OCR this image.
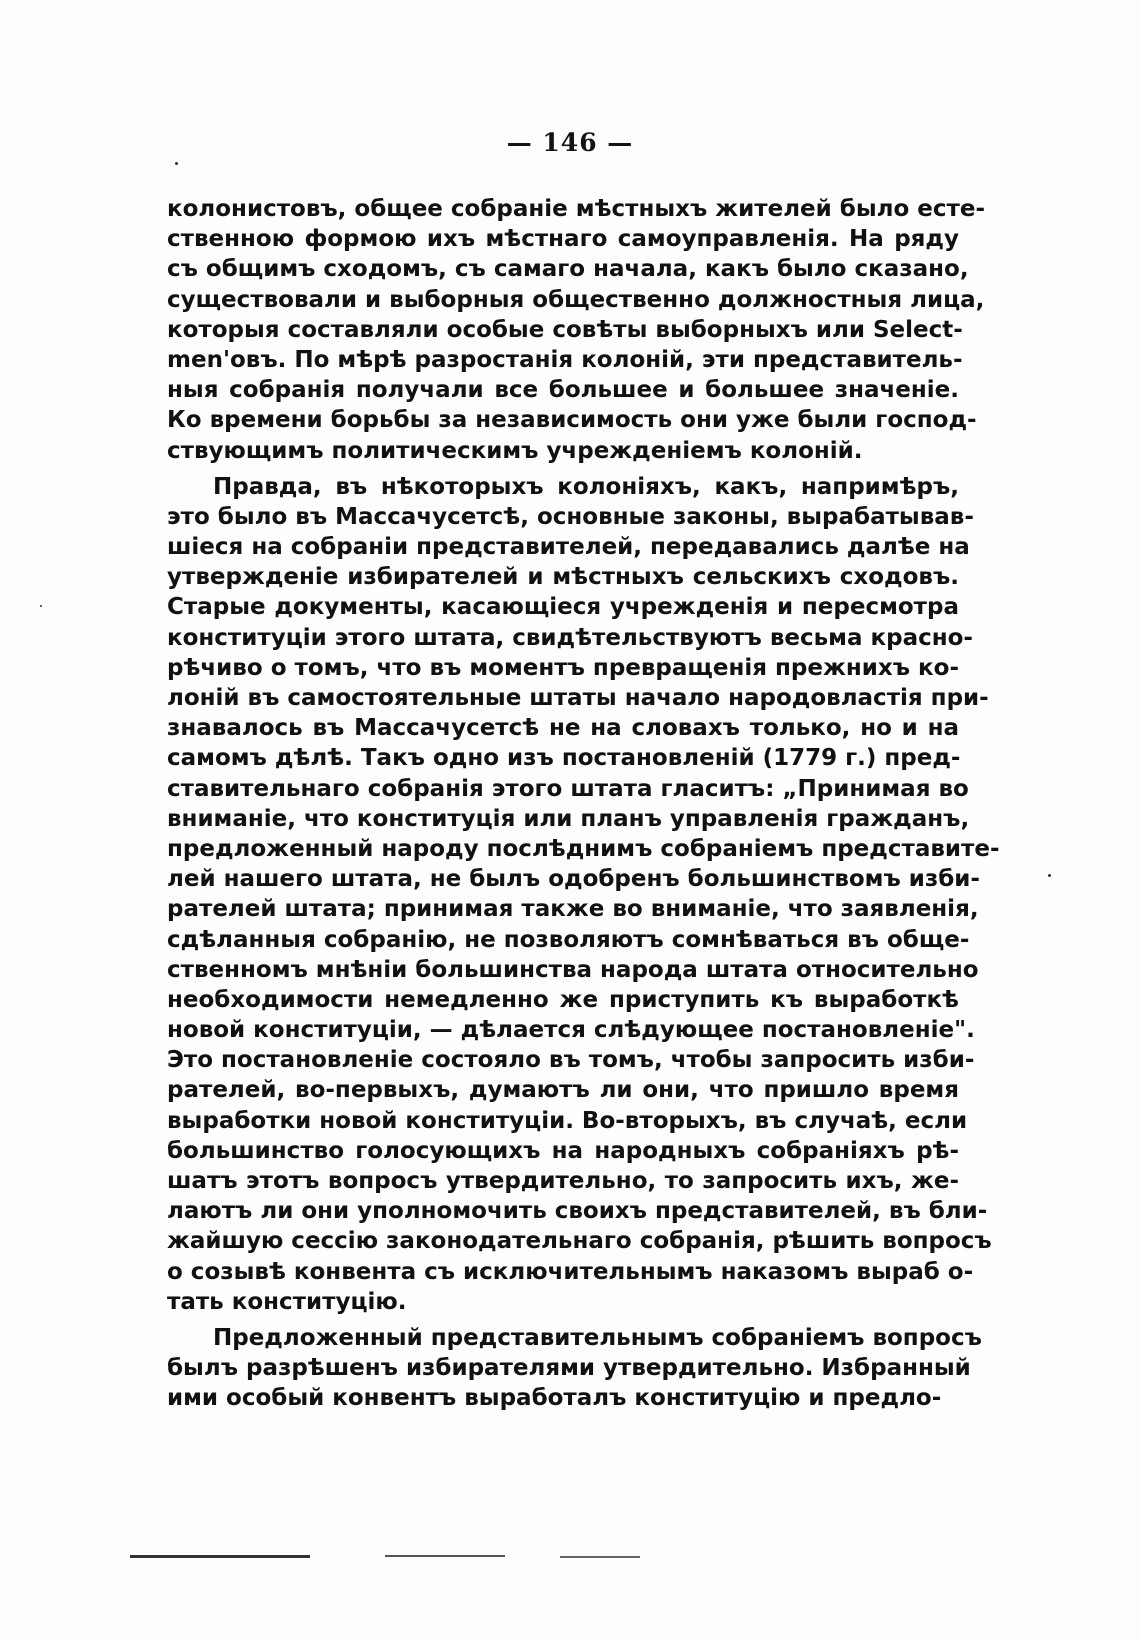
— 146 —
колонистовъ, общее собраніе мѣстныхъ жителей было есте-
ственною формою ихъ мѣстнаго самоуправленія. На ряду
съ общимъ сходомъ, съ самаго начала, какъ было сказано,
существовали и выборныя общественно должностныя лица,
которыя составляли особые совѣты выборныхъ или Select-
men'овъ. По мѣрѣ разростанія колоній, эти представитель-
ныя собранія получали все большее и большее значеніе.
Ко времени борьбы за независимость они уже были господ-
ствующимъ политическимъ учрежденіемъ колоній.
Правда, въ нѣкоторыхъ колоніяхъ, какъ, напримѣръ,
это было въ Массачусетсѣ, основные законы, вырабатывав-
шіеся на собраніи представителей, передавались далѣе на
утвержденіе избирателей и мѣстныхъ сельскихъ сходовъ.
Старые документы, касающіеся учрежденія и пересмотра
конституціи этого штата, свидѣтельствуютъ весьма красно-
рѣчиво о томъ, что въ моментъ превращенія прежнихъ ко-
лоній въ самостоятельные штаты начало народовластія при-
знавалось въ Массачусетсѣ не на словахъ только, но и на
самомъ дѣлѣ. Такъ одно изъ постановленій (1779 г.) пред-
ставительнаго собранія этого штата гласитъ: „Принимая во
вниманіе, что конституція или планъ управленія гражданъ,
предложенный народу послѣднимъ собраніемъ представите-
лей нашего штата, не былъ одобренъ большинствомъ изби-
рателей штата; принимая также во вниманіе, что заявленія,
сдѣланныя собранію, не позволяютъ сомнѣваться въ обще-
ственномъ мнѣніи большинства народа штата относительно
необходимости немедленно же приступить къ выработкѣ
новой конституціи, — дѣлается слѣдующее постановленіе".
Это постановленіе состояло въ томъ, чтобы запросить изби-
рателей, во-первыхъ, думаютъ ли они, что пришло время
выработки новой конституціи. Во-вторыхъ, въ случаѣ, если
большинство голосующихъ на народныхъ собраніяхъ рѣ-
шатъ этотъ вопросъ утвердительно, то запросить ихъ, же-
лаютъ ли они уполномочить своихъ представителей, въ бли-
жайшую сессію законодательнаго собранія, рѣшить вопросъ
о созывѣ конвента съ исключительнымъ наказомъ выраб о-
тать конституцію.
Предложенный представительнымъ собраніемъ вопросъ
былъ разрѣшенъ избирателями утвердительно. Избранный
ими особый конвентъ выработалъ конституцію и предло-
